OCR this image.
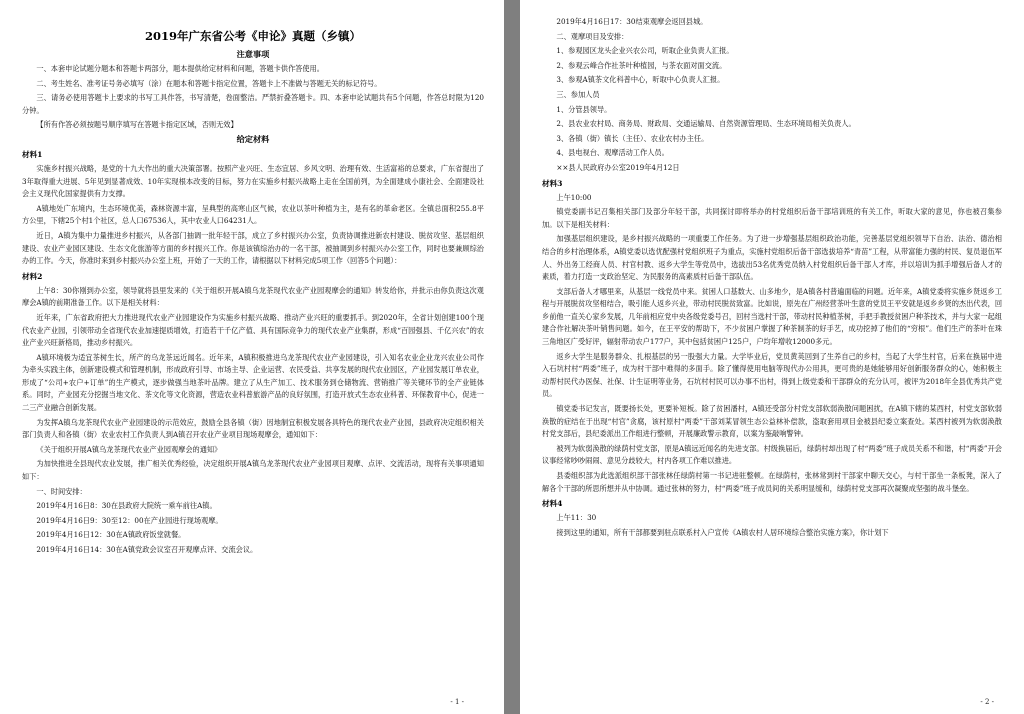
2019年广东省公考《申论》真题（乡镇）
注意事项
一、本套申论试题分题本和答题卡两部分，题本提供给定材料和问题，答题卡供作答使用。
二、考生姓名、准考证号务必填写（涂）在题本和答题卡指定位置，答题卡上不准做与答题无关的标记符号。
三、请务必使用答题卡上要求的书写工具作答，书写清楚，卷面整洁。严禁折叠答题卡。四、本套申论试题共有5个问题，作答总时限为120分钟。
【所有作答必须按题号顺序填写在答题卡指定区域，否则无效】
给定材料
材料1
实施乡村振兴战略，是党的十九大作出的重大决策部署。按照产业兴旺、生态宜居、乡风文明、治理有效、生活富裕的总要求，广东省提出了3年取得重大进展、5年见到显著成效、10年实现根本改变的目标，努力在实施乡村振兴战略上走在全国前列，为全面建成小康社会、全面建设社会主义现代化国家提供有力支撑。
A镇地处广东境内，生态环境优美，森林资源丰富，呈典型的高寒山区气候，农业以茶叶种植为主，是有名的革命老区。全镇总面积255.8平方公里，下辖25个村1个社区，总人口67536人，其中农业人口64231人。
近日，A镇为集中力量推进乡村振兴，从各部门抽调一批年轻干部，成立了乡村振兴办公室，负责协调推进新农村建设、脱贫攻坚、基层组织建设、农业产业园区建设、生态文化旅游等方面的乡村振兴工作。你是该镇综治办的一名干部，被抽调到乡村振兴办公室工作，同时也要兼顾综治办的工作。今天，你准时来到乡村振兴办公室上班，开始了一天的工作，请根据以下材料完成5项工作（回答5个问题）：
材料2
上午8：30你刚到办公室，领导就将县里发来的《关于组织开展A镇乌龙茶现代农业产业园观摩会的通知》转发给你，并批示由你负责这次观摩会A镇的前期准备工作。以下是相关材料：
近年来，广东省政府把大力推进现代农业产业园建设作为实施乡村振兴战略、推动产业兴旺的重要抓手。到2020年，全省计划创建100个现代农业产业园，引领带动全省现代农业加速提质增效，打造若干千亿产值、具有国际竞争力的现代农业产业集群，形成“百园强县、千亿兴农”的农业产业兴旺新格局，推动乡村振兴。
A镇环境极为适宜茶树生长，所产的乌龙茶远近闻名。近年来，A镇积极推进乌龙茶现代农业产业园建设，引入知名农业企业龙兴农业公司作为牵头实践主体，创新建设模式和管理机制，形成政府引导、市场主导、企业运营、农民受益、共享发展的现代农业园区，产业园发展订单农业，形成了“公司+农户+订单”的生产模式，逐步做强当地茶叶品牌。建立了从生产加工、技术服务到仓储物流、营销推广等关键环节的全产业链体系。同时，产业园充分挖掘当地文化、茶文化等文化资源，营造农业科普旅游产品的良好氛围，打造开放式生态农业科普、环保教育中心，促进一二三产业融合创新发展。
为发挥A镇乌龙茶现代农业产业园建设的示范效应，鼓励全县各镇（街）因地制宜积极发展各具特色的现代农业产业园，县政府决定组织相关部门负责人和各镇（街）农业农村工作负责人到A镇召开农业产业项目现场观摩会，通知如下：
《关于组织开展A镇乌龙茶现代农业产业园观摩会的通知》
为加快推进全县现代农业发展，推广相关优秀经验，决定组织开展A镇乌龙茶现代农业产业园项目观摩、点评、交流活动，现将有关事项通知如下：
一、时间安排：
2019年4月16日8：30在县政府大院统一乘车前往A镇。
2019年4月16日9：30至12：00在产业园进行现场观摩。
2019年4月16日12：30在A镇政府饭堂就餐。
2019年4月16日14：30在A镇党政会议室召开观摩点评、交流会议。
- 1 -
2019年4月16日17：30结束观摩会返回县城。
二、观摩项目及安排：
1、参观园区龙头企业兴农公司，听取企业负责人汇报。
2、参观云峰合作社茶叶种植园，与茶农面对面交流。
3、参观A镇茶文化科普中心，听取中心负责人汇报。
三、参加人员
1、分管县领导。
2、县农业农村局、商务局、财政局、交通运输局、自然资源管理局、生态环境局相关负责人。
3、各镇（街）镇长（主任）、农业农村办主任。
4、县电视台、观摩活动工作人员。
××县人民政府办公室2019年4月12日
材料3
上午10:00
镇党委副书记召集相关部门及部分年轻干部，共同探讨即将举办的村党组织后备干部培训班的有关工作，听取大家的意见，你也被召集参加。以下是相关材料：
加强基层组织建设，是乡村振兴战略的一项重要工作任务。为了进一步增强基层组织政治功能，完善基层党组织领导下自治、法治、德治相结合的乡村治理体系，A镇党委以选优配强村党组织班子为重点，实施村党组织后备干部选拔培养“青苗”工程，从带富能力强的村民、复员退伍军人、外出务工经商人员、村官村教、返乡大学生等党员中，选拔出53名优秀党员纳入村党组织后备干部人才库，并以培训为抓手增强后备人才的素质，着力打造一支政治坚定、为民服务的高素质村后备干部队伍。
支部后备人才哪里来，从基层一线党员中来。贫困人口基数大、山多地少，是A镇各村普遍面临的问题。近年来，A镇党委将实施乡贤返乡工程与开展脱贫攻坚相结合，吸引能人返乡兴业，带动村民脱贫致富。比如说，原先在广州经营茶叶生意的党员王平安就是返乡乡贤的杰出代表，回乡前他一直关心家乡发展，几年前相应党中央各级党委号召，回村当选村干部，带动村民种植茶树，手把手教授贫困户种茶技术，并与大家一起组建合作社解决茶叶销售问题。如今，在王平安的帮助下，不少贫困户掌握了种茶制茶的好手艺，成功挖掉了他们的“穷根”。他们生产的茶叶在珠三角地区广受好评，辐射带动农户177户，其中包括贫困户125户，户均年增收12000多元。
返乡大学生是服务群众、扎根基层的另一股强大力量。大学毕业后，党员黄英回到了生养自己的乡村，当起了大学生村官，后来在换届中进入石坑村村“两委”班子，成为村干部中难得的多面手。除了懂得使用电脑等现代办公用具，更可贵的是她能够用好创新服务群众的心，她积极主动帮村民代办医保、社保、计生证明等业务，石坑村村民可以办事不出村，得到上级党委和干部群众的充分认可，被评为2018年全县优秀共产党员。
镇党委书记发言，既要扬长处，更要补短板。除了贫困潘村，A镇还受部分村党支部软弱涣散问题困扰，在A镇下辖的某西村，村党支部软弱涣散的症结在于出现“村官”贪腐，该村原村“两委”干部刘某冒领生态公益林补偿款，盗取套用项目金被县纪委立案查处。某西村被列为软弱涣散村党支部后，县纪委派出工作组进行整顿，开展廉政警示教育，以案为鉴敲响警钟。
被列为软弱涣散的绿荫村党支部，原是A镇远近闻名的先进支部。村级换届后，绿荫村却出现了村“两委”班子成员关系不和谐，村“两委”开会议事经常吵吵闹闹、意见分歧较大，村内各项工作难以推进。
县委组织部为此选派组织部干部张林任绿荫村第一书记进驻整顿。在绿荫村，张林常到村干部家中聊天交心，与村干部坐一条板凳，深入了解各个干部的所思所想并从中协调。通过张林的努力，村“两委”班子成员间的关系明显缓和，绿荫村党支部再次凝聚成坚强的战斗堡垒。
材料4
上午11：30
接到这里的通知，所有干部都要到驻点联系村入户宣传《A镇农村人居环境综合整治实施方案》，你计划下
- 2 -
